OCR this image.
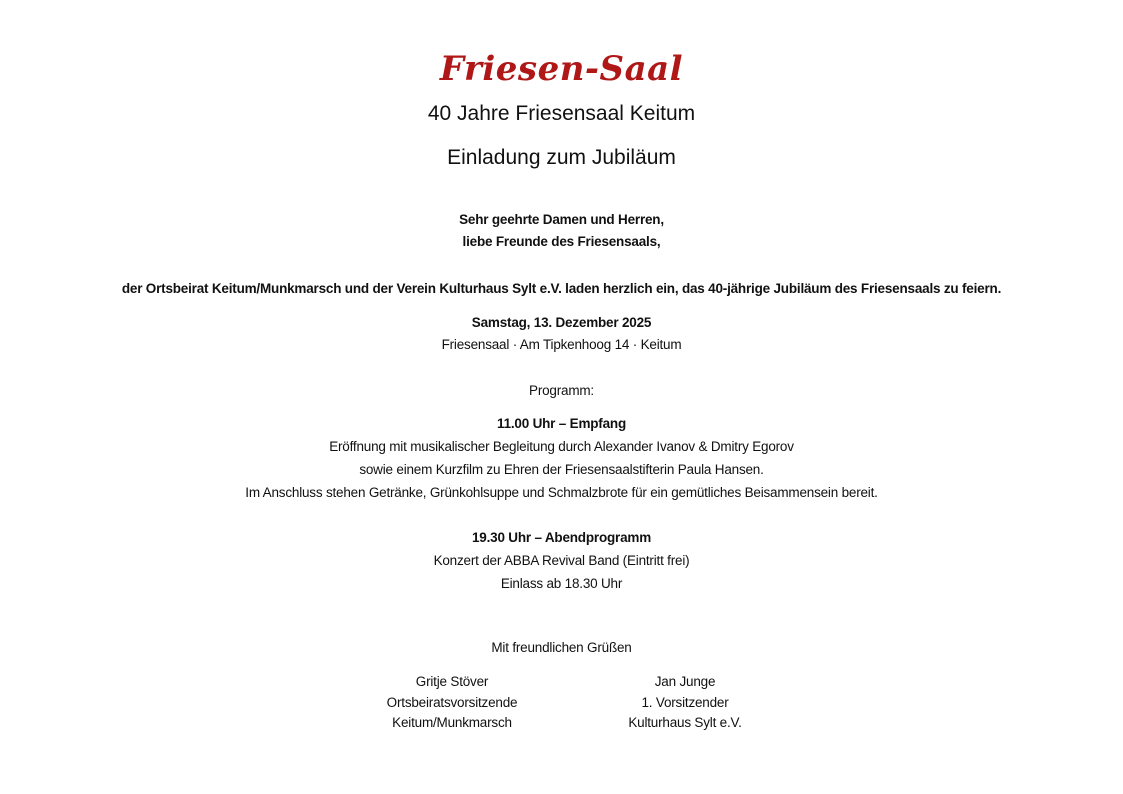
Friesen-Saal
40 Jahre Friesensaal Keitum
Einladung zum Jubiläum
Sehr geehrte Damen und Herren,
liebe Freunde des Friesensaals,
der Ortsbeirat Keitum/Munkmarsch und der Verein Kulturhaus Sylt e.V. laden herzlich ein, das 40-jährige Jubiläum des Friesensaals zu feiern.
Samstag, 13. Dezember 2025
Friesensaal · Am Tipkenhoog 14 · Keitum
Programm:
11.00 Uhr – Empfang
Eröffnung mit musikalischer Begleitung durch Alexander Ivanov & Dmitry Egorov
sowie einem Kurzfilm zu Ehren der Friesensaalstifterin Paula Hansen.
Im Anschluss stehen Getränke, Grünkohlsuppe und Schmalzbrote für ein gemütliches Beisammensein bereit.
19.30 Uhr – Abendprogramm
Konzert der ABBA Revival Band (Eintritt frei)
Einlass ab 18.30 Uhr
Mit freundlichen Grüßen
Gritje Stöver
Ortsbeiratsvorsitzende
Keitum/Munkmarsch
Jan Junge
1. Vorsitzender
Kulturhaus Sylt e.V.
